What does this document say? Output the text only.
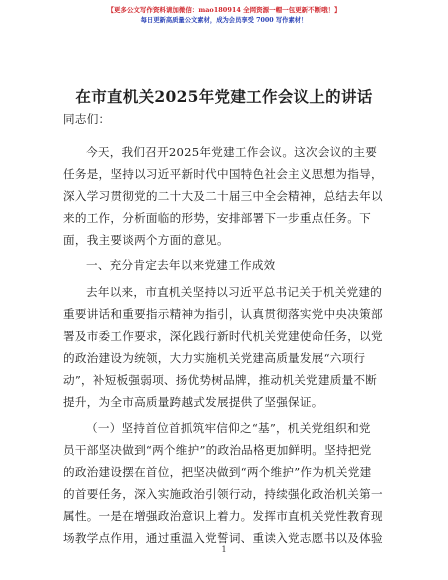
【更多公文写作资料请加微信：mao180914 全网资源一帽一包更新不断哦！】
每日更新高质量公文素材，成为会员享受 7000 写作素材！
在市直机关2025年党建工作会议上的讲话
同志们：
今天，我们召开2025年党建工作会议。这次会议的主要
任务是，坚持以习近平新时代中国特色社会主义思想为指导，
深入学习贯彻党的二十大及二十届三中全会精神，总结去年以
来的工作，分析面临的形势，安排部署下一步重点任务。下
面，我主要谈两个方面的意见。
一、充分肯定去年以来党建工作成效
去年以来，市直机关坚持以习近平总书记关于机关党建的
重要讲话和重要指示精神为指引，认真贯彻落实党中央决策部
署及市委工作要求，深化践行新时代机关党建使命任务，以党
的政治建设为统领，大力实施机关党建高质量发展“六项行
动”，补短板强弱项、扬优势树品牌，推动机关党建质量不断
提升，为全市高质量跨越式发展提供了坚强保证。
（一）坚持首位首抓筑牢信仰之“基”，机关党组织和党
员干部坚决做到“两个维护”的政治品格更加鲜明。坚持把党
的政治建设摆在首位，把坚决做到“两个维护”作为机关党建
的首要任务，深入实施政治引领行动，持续强化政治机关第一
属性。一是在增强政治意识上着力。发挥市直机关党性教育现
场教学点作用，通过重温入党誓词、重读入党志愿书以及体验
1
